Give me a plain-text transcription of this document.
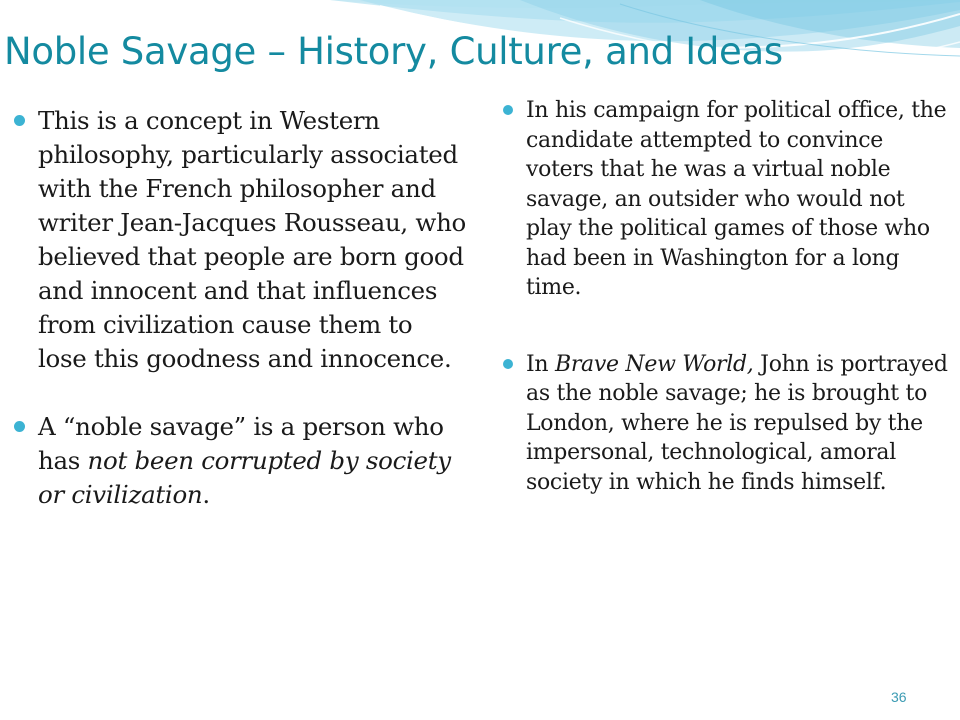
Noble Savage – History, Culture, and Ideas
This is a concept in Western philosophy, particularly associated with the French philosopher and writer Jean-Jacques Rousseau, who believed that people are born good and innocent and that influences from civilization cause them to lose this goodness and innocence.
A “noble savage” is a person who has not been corrupted by society or civilization.
In his campaign for political office, the candidate attempted to convince voters that he was a virtual noble savage, an outsider who would not play the political games of those who had been in Washington for a long time.
In Brave New World, John is portrayed as the noble savage; he is brought to London, where he is repulsed by the impersonal, technological, amoral society in which he finds himself.
36
